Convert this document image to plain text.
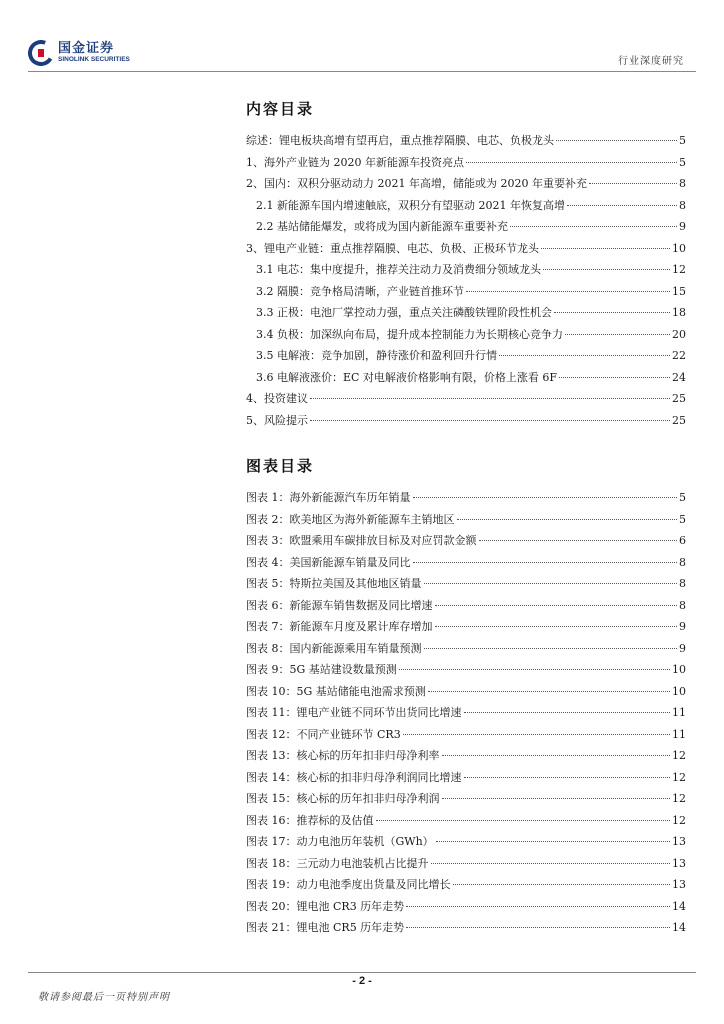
国金证券
SINOLINK SECURITIES	行业深度研究
内容目录
综述：锂电板块高增有望再启，重点推荐隔膜、电芯、负极龙头	5
1、海外产业链为 2020 年新能源车投资亮点	5
2、国内：双积分驱动动力 2021 年高增，储能或为 2020 年重要补充	8
2.1 新能源车国内增速触底，双积分有望驱动 2021 年恢复高增	8
2.2 基站储能爆发，或将成为国内新能源车重要补充	9
3、锂电产业链：重点推荐隔膜、电芯、负极、正极环节龙头	10
3.1 电芯：集中度提升，推荐关注动力及消费细分领域龙头	12
3.2 隔膜：竞争格局清晰，产业链首推环节	15
3.3 正极：电池厂掌控动力强，重点关注磷酸铁锂阶段性机会	18
3.4 负极：加深纵向布局，提升成本控制能力为长期核心竞争力	20
3.5 电解液：竞争加剧，静待涨价和盈利回升行情	22
3.6 电解液涨价：EC 对电解液价格影响有限，价格上涨看 6F	24
4、投资建议	25
5、风险提示	25
图表目录
图表 1：海外新能源汽车历年销量	5
图表 2：欧美地区为海外新能源车主销地区	5
图表 3：欧盟乘用车碳排放目标及对应罚款金额	6
图表 4：美国新能源车销量及同比	8
图表 5：特斯拉美国及其他地区销量	8
图表 6：新能源车销售数据及同比增速	8
图表 7：新能源车月度及累计库存增加	9
图表 8：国内新能源乘用车销量预测	9
图表 9：5G 基站建设数量预测	10
图表 10：5G 基站储能电池需求预测	10
图表 11：锂电产业链不同环节出货同比增速	11
图表 12：不同产业链环节 CR3	11
图表 13：核心标的历年扣非归母净利率	12
图表 14：核心标的扣非归母净利润同比增速	12
图表 15：核心标的历年扣非归母净利润	12
图表 16：推荐标的及估值	12
图表 17：动力电池历年装机（GWh）	13
图表 18：三元动力电池装机占比提升	13
图表 19：动力电池季度出货量及同比增长	13
图表 20：锂电池 CR3 历年走势	14
图表 21：锂电池 CR5 历年走势	14
- 2 -
敬请参阅最后一页特别声明
